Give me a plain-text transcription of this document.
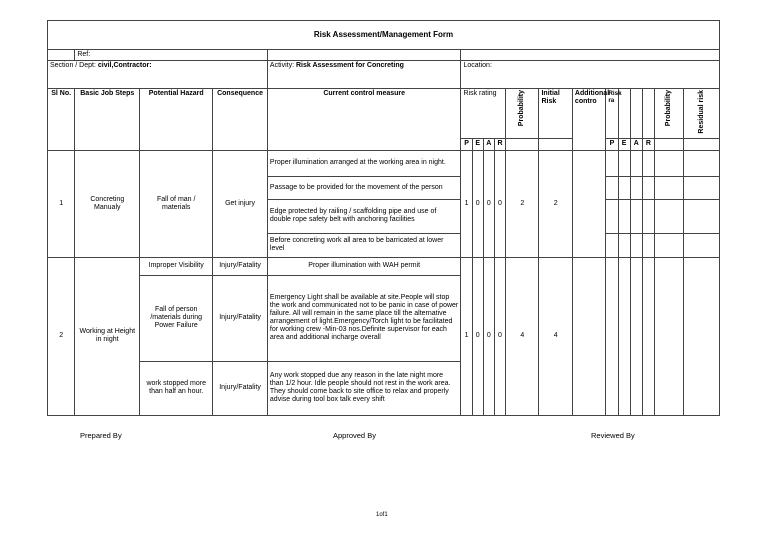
Risk Assessment/Management Form																	
	Ref:																
Section / Dept: civil,Contractor:				Activity: Risk Assessment for Concreting	Location:												
Sl No.	Basic Job Steps	Potential Hazard	Consequence	Current control measure	Risk rating				Probability	Initial Risk	Additional contro	Risk ra				Probability	Residual risk
					P	E	A	R				P	E	A	R		
1	Concreting Manualy	Fall of man / materials	Get injury	Proper illumination arranged at the working area in night.	1	0	0	0	2	2							
				Passage to be provided for the movement of the person													
				Edge protected by railing / scaffolding pipe and use of double rope safety belt with anchoring facilities													
				Before concreting work all area to be barricated at lower level													
2	Working at Height in night	Improper Visibility	Injury/Fatality	Proper illumination with WAH permit	1	0	0	0	4	4							
		Fall of person /materials during Power Failure	Injury/Fatality	Emergency Light shall be available at site.People will stop the work and communicated not to be panic in case of power failure. All will remain in the same place till the alternative arrangement of light.Emergency/Torch light to be facilitated for working crew -Min-03 nos.Definite supervisor for each area and additional incharge overall													
		work stopped more than half an hour.	Injury/Fatality	Any work stopped due any reason in the late night more than 1/2 hour. Idle people should not rest in the work area. They should come back to site office to relax and properly advise during tool box talk every shift													
Prepared By	Approved By	Reviewed By
1of1
